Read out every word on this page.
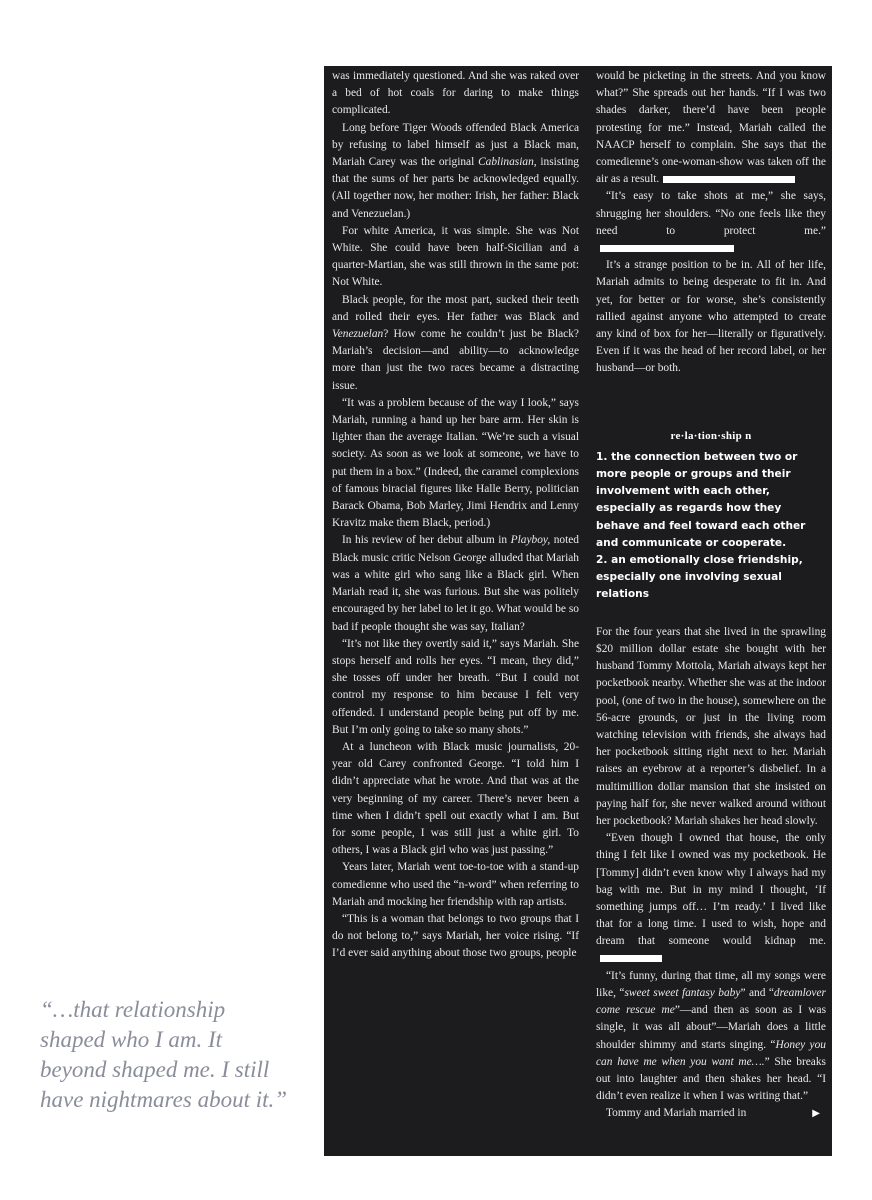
“…that relationship shaped who I am. It beyond shaped me. I still have nightmares about it.”

was immediately questioned. And she was raked over a bed of hot coals for daring to make things complicated.

Long before Tiger Woods offended Black America by refusing to label himself as just a Black man, Mariah Carey was the original Cablinasian, insisting that the sums of her parts be acknowledged equally. (All together now, her mother: Irish, her father: Black and Venezuelan.)

For white America, it was simple. She was Not White. She could have been half-Sicilian and a quarter-Martian, she was still thrown in the same pot: Not White.

Black people, for the most part, sucked their teeth and rolled their eyes. Her father was Black and Venezuelan? How come he couldn’t just be Black? Mariah’s decision—and ability—to acknowledge more than just the two races became a distracting issue.

“It was a problem because of the way I look,” says Mariah, running a hand up her bare arm. Her skin is lighter than the average Italian. “We’re such a visual society. As soon as we look at someone, we have to put them in a box.” (Indeed, the caramel complexions of famous biracial figures like Halle Berry, politician Barack Obama, Bob Marley, Jimi Hendrix and Lenny Kravitz make them Black, period.)

In his review of her debut album in Playboy, noted Black music critic Nelson George alluded that Mariah was a white girl who sang like a Black girl. When Mariah read it, she was furious. But she was politely encouraged by her label to let it go. What would be so bad if people thought she was say, Italian?

“It’s not like they overtly said it,” says Mariah. She stops herself and rolls her eyes. “I mean, they did,” she tosses off under her breath. “But I could not control my response to him because I felt very offended. I understand people being put off by me. But I’m only going to take so many shots.”

At a luncheon with Black music journalists, 20-year old Carey confronted George. “I told him I didn’t appreciate what he wrote. And that was at the very beginning of my career. There’s never been a time when I didn’t spell out exactly what I am. But for some people, I was still just a white girl. To others, I was a Black girl who was just passing.”

Years later, Mariah went toe-to-toe with a stand-up comedienne who used the “n-word” when referring to Mariah and mocking her friendship with rap artists.

“This is a woman that belongs to two groups that I do not belong to,” says Mariah, her voice rising. “If I’d ever said anything about those two groups, people

would be picketing in the streets. And you know what?” She spreads out her hands. “If I was two shades darker, there’d have been people protesting for me.” Instead, Mariah called the NAACP herself to complain. She says that the comedienne’s one-woman-show was taken off the air as a result.

“It’s easy to take shots at me,” she says, shrugging her shoulders. “No one feels like they need to protect me.”

It’s a strange position to be in. All of her life, Mariah admits to being desperate to fit in. And yet, for better or for worse, she’s consistently rallied against anyone who attempted to create any kind of box for her—literally or figuratively. Even if it was the head of her record label, or her husband—or both.

re·la·tion·ship n

1. the connection between two or more people or groups and their involvement with each other, especially as regards how they behave and feel toward each other and communicate or cooperate.

2. an emotionally close friendship, especially one involving sexual relations

For the four years that she lived in the sprawling $20 million dollar estate she bought with her husband Tommy Mottola, Mariah always kept her pocketbook nearby. Whether she was at the indoor pool, (one of two in the house), somewhere on the 56-acre grounds, or just in the living room watching television with friends, she always had her pocketbook sitting right next to her. Mariah raises an eyebrow at a reporter’s disbelief. In a multimillion dollar mansion that she insisted on paying half for, she never walked around without her pocketbook? Mariah shakes her head slowly.

“Even though I owned that house, the only thing I felt like I owned was my pocketbook. He [Tommy] didn’t even know why I always had my bag with me. But in my mind I thought, ‘If something jumps off… I’m ready.’ I lived like that for a long time. I used to wish, hope and dream that someone would kidnap me.

“It’s funny, during that time, all my songs were like, “sweet sweet fantasy baby” and “dreamlover come rescue me”—and then as soon as I was single, it was all about”—Mariah does a little shoulder shimmy and starts singing. “Honey you can have me when you want me….” She breaks out into laughter and then shakes her head. “I didn’t even realize it when I was writing that.”

Tommy and Mariah married in	▶
